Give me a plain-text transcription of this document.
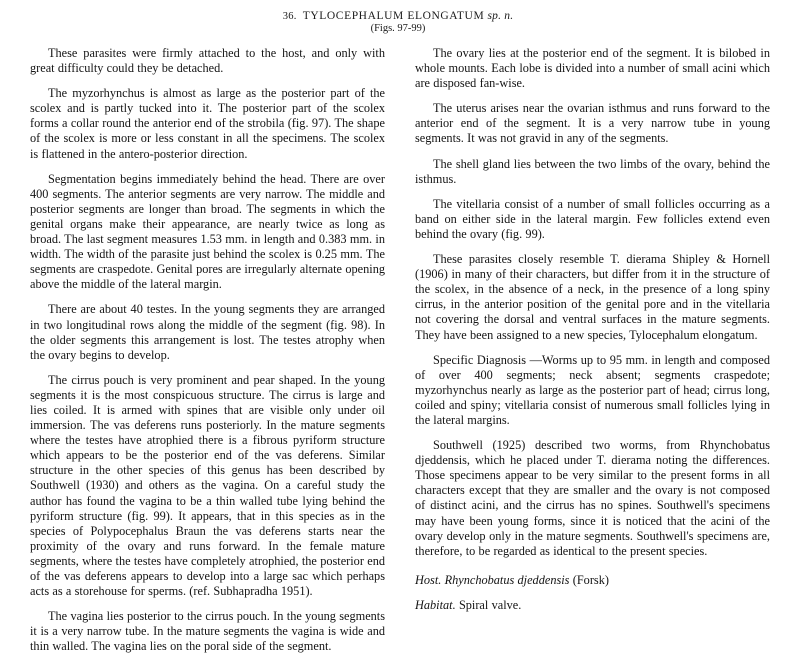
36. TYLOCEPHALUM ELONGATUM sp. n.
(Figs. 97-99)

These parasites were firmly attached to the host, and only with great difficulty could they be detached.

The myzorhynchus is almost as large as the posterior part of the scolex and is partly tucked into it. The posterior part of the scolex forms a collar round the anterior end of the strobila (fig. 97). The shape of the scolex is more or less constant in all the specimens. The scolex is flattened in the antero-posterior direction.

Segmentation begins immediately behind the head. There are over 400 segments. The anterior segments are very narrow. The middle and posterior segments are longer than broad. The segments in which the genital organs make their appearance, are nearly twice as long as broad. The last segment measures 1.53 mm. in length and 0.383 mm. in width. The width of the parasite just behind the scolex is 0.25 mm. The segments are craspedote. Genital pores are irregularly alternate opening above the middle of the lateral margin.

There are about 40 testes. In the young segments they are arranged in two longitudinal rows along the middle of the segment (fig. 98). In the older segments this arrangement is lost. The testes atrophy when the ovary begins to develop.

The cirrus pouch is very prominent and pear shaped. In the young segments it is the most conspicuous structure. The cirrus is large and lies coiled. It is armed with spines that are visible only under oil immersion. The vas deferens runs posteriorly. In the mature segments where the testes have atrophied there is a fibrous pyriform structure which appears to be the posterior end of the vas deferens. Similar structure in the other species of this genus has been described by Southwell (1930) and others as the vagina. On a careful study the author has found the vagina to be a thin walled tube lying behind the pyriform structure (fig. 99). It appears, that in this species as in the species of Polypocephalus Braun the vas deferens starts near the proximity of the ovary and runs forward. In the female mature segments, where the testes have completely atrophied, the posterior end of the vas deferens appears to develop into a large sac which perhaps acts as a storehouse for sperms. (ref. Subhapradha 1951).

The vagina lies posterior to the cirrus pouch. In the young segments it is a very narrow tube. In the mature segments the vagina is wide and thin walled. The vagina lies on the poral side of the segment.

The ovary lies at the posterior end of the segment. It is bilobed in whole mounts. Each lobe is divided into a number of small acini which are disposed fan-wise.

The uterus arises near the ovarian isthmus and runs forward to the anterior end of the segment. It is a very narrow tube in young segments. It was not gravid in any of the segments.

The shell gland lies between the two limbs of the ovary, behind the isthmus.

The vitellaria consist of a number of small follicles occurring as a band on either side in the lateral margin. Few follicles extend even behind the ovary (fig. 99).

These parasites closely resemble T. dierama Shipley & Hornell (1906) in many of their characters, but differ from it in the structure of the scolex, in the absence of a neck, in the presence of a long spiny cirrus, in the anterior position of the genital pore and in the vitellaria not covering the dorsal and ventral surfaces in the mature segments. They have been assigned to a new species, Tylocephalum elongatum.

Specific Diagnosis —Worms up to 95 mm. in length and composed of over 400 segments; neck absent; segments craspedote; myzorhynchus nearly as large as the posterior part of head; cirrus long, coiled and spiny; vitellaria consist of numerous small follicles lying in the lateral margins.

Southwell (1925) described two worms, from Rhynchobatus djeddensis, which he placed under T. dierama noting the differences. Those specimens appear to be very similar to the present forms in all characters except that they are smaller and the ovary is not composed of distinct acini, and the cirrus has no spines. Southwell's specimens may have been young forms, since it is noticed that the acini of the ovary develop only in the mature segments. Southwell's specimens are, therefore, to be regarded as identical to the present species.

Host. Rhynchobatus djeddensis (Forsk)

Habitat. Spiral valve.
